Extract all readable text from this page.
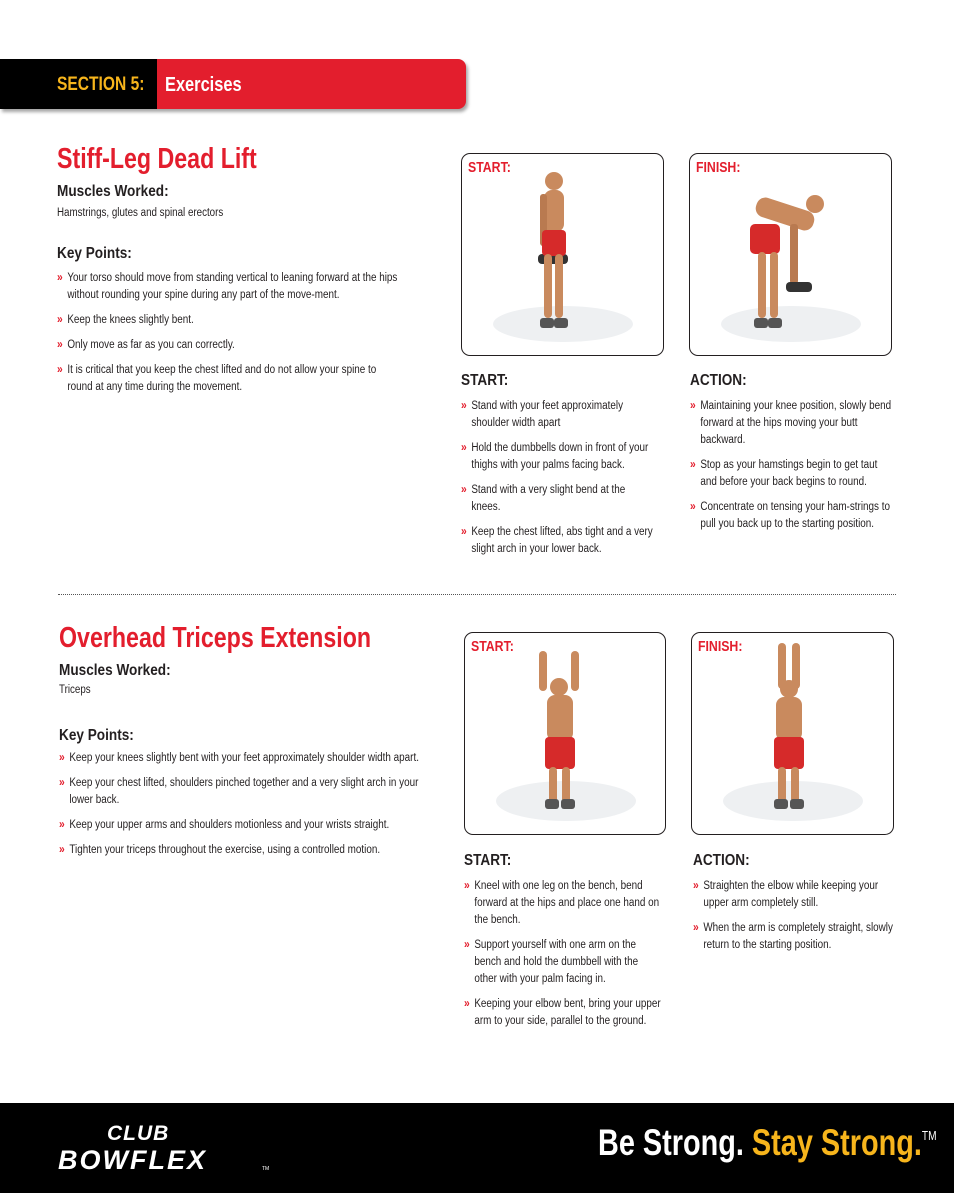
SECTION 5: Exercises
Stiff-Leg Dead Lift
Muscles Worked:
Hamstrings, glutes and spinal erectors
Key Points:
» Your torso should move from standing vertical to leaning forward at the hips without rounding your spine during any part of the move-ment.
» Keep the knees slightly bent.
» Only move as far as you can correctly.
» It is critical that you keep the chest lifted and do not allow your spine to round at any time during the movement.
START:	FINISH:
START:
» Stand with your feet approximately shoulder width apart
» Hold the dumbbells down in front of your thighs with your palms facing back.
» Stand with a very slight bend at the knees.
» Keep the chest lifted, abs tight and a very slight arch in your lower back.
ACTION:
» Maintaining your knee position, slowly bend forward at the hips moving your butt backward.
» Stop as your hamstings begin to get taut and before your back begins to round.
» Concentrate on tensing your ham-strings to pull you back up to the starting position.
Overhead Triceps Extension
Muscles Worked:
Triceps
Key Points:
» Keep your knees slightly bent with your feet approximately shoulder width apart.
» Keep your chest lifted, shoulders pinched together and a very slight arch in your lower back.
» Keep your upper arms and shoulders motionless and your wrists straight.
» Tighten your triceps throughout the exercise, using a controlled motion.
START:	FINISH:
START:
» Kneel with one leg on the bench, bend forward at the hips and place one hand on the bench.
» Support yourself with one arm on the bench and hold the dumbbell with the other with your palm facing in.
» Keeping your elbow bent, bring your upper arm to your side, parallel to the ground.
ACTION:
» Straighten the elbow while keeping your upper arm completely still.
» When the arm is completely straight, slowly return to the starting position.
CLUB
BOWFLEX	TM
Be Strong. Stay Strong.™
